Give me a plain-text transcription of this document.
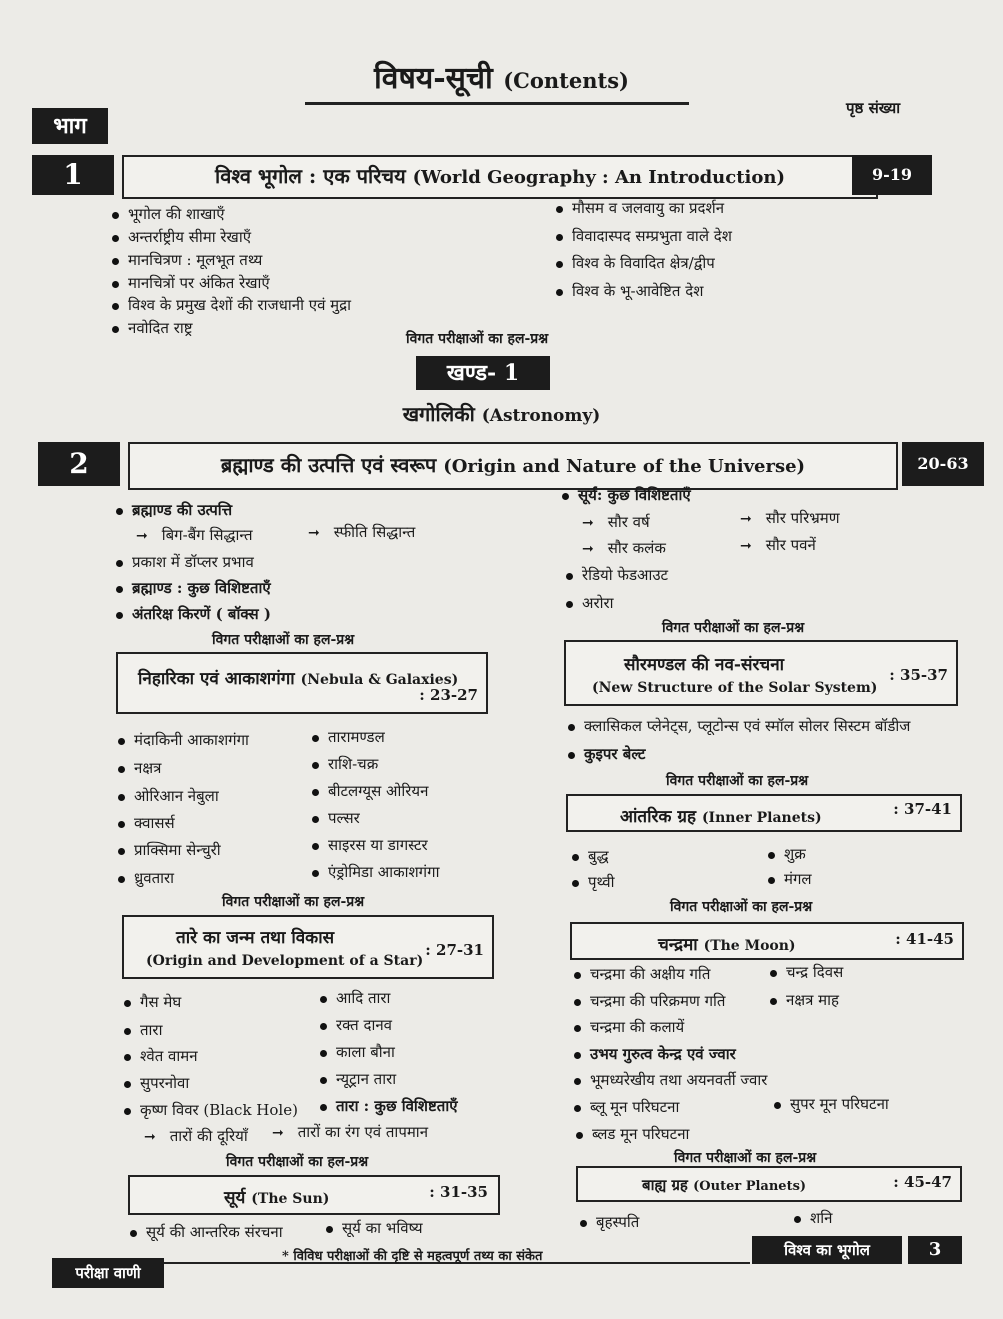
विषय-सूची (Contents)
भाग
पृष्ठ संख्या
1	विश्व भूगोल : एक परिचय (World Geography : An Introduction)	9-19
भूगोल की शाखाएँ
अन्तर्राष्ट्रीय सीमा रेखाएँ
मानचित्रण : मूलभूत तथ्य
मानचित्रों पर अंकित रेखाएँ
विश्व के प्रमुख देशों की राजधानी एवं मुद्रा
नवोदित राष्ट्र
मौसम व जलवायु का प्रदर्शन
विवादास्पद सम्प्रभुता वाले देश
विश्व के विवादित क्षेत्र/द्वीप
विश्व के भू-आवेष्टित देश
विगत परीक्षाओं का हल-प्रश्न
खण्ड- 1
खगोलिकी (Astronomy)
2	ब्रह्माण्ड की उत्पत्ति एवं स्वरूप (Origin and Nature of the Universe)	20-63
ब्रह्माण्ड की उत्पत्ति
➞ बिग-बैंग सिद्धान्त	➞ स्फीति सिद्धान्त
प्रकाश में डॉप्लर प्रभाव
ब्रह्माण्ड : कुछ विशिष्टताएँ
अंतरिक्ष किरणें ( बॉक्स )
विगत परीक्षाओं का हल-प्रश्न
सूर्य: कुछ विशिष्टताएँ
➞ सौर वर्ष	➞ सौर परिभ्रमण
➞ सौर कलंक	➞ सौर पवनें
रेडियो फेडआउट
अरोरा
विगत परीक्षाओं का हल-प्रश्न
निहारिका एवं आकाशगंगा (Nebula & Galaxies)
: 23-27
मंदाकिनी आकाशगंगा
नक्षत्र
ओरिआन नेबुला
क्वासर्स
प्राक्सिमा सेन्चुरी
ध्रुवतारा
तारामण्डल
राशि-चक्र
बीटलग्यूस ओरियन
पल्सर
साइरस या डागस्टर
एंड्रोमिडा आकाशगंगा
विगत परीक्षाओं का हल-प्रश्न
तारे का जन्म तथा विकास
(Origin and Development of a Star)
: 27-31
गैस मेघ
तारा
श्वेत वामन
सुपरनोवा
कृष्ण विवर (Black Hole)
आदि तारा
रक्त दानव
काला बौना
न्यूट्रान तारा
तारा : कुछ विशिष्टताएँ
➞ तारों की दूरियाँ ➞ तारों का रंग एवं तापमान
विगत परीक्षाओं का हल-प्रश्न
सूर्य (The Sun)	: 31-35
सूर्य की आन्तरिक संरचना	सूर्य का भविष्य
सौरमण्डल की नव-संरचना
(New Structure of the Solar System)
: 35-37
क्लासिकल प्लेनेट्स, प्लूटोन्स एवं स्मॉल सोलर सिस्टम बॉडीज
कुइपर बेल्ट
विगत परीक्षाओं का हल-प्रश्न
आंतरिक ग्रह (Inner Planets)	: 37-41
बुद्ध	शुक्र
पृथ्वी	मंगल
विगत परीक्षाओं का हल-प्रश्न
चन्द्रमा (The Moon)	: 41-45
चन्द्रमा की अक्षीय गति	चन्द्र दिवस
चन्द्रमा की परिक्रमण गति	नक्षत्र माह
चन्द्रमा की कलायें
उभय गुरुत्व केन्द्र एवं ज्वार
भूमध्यरेखीय तथा अयनवर्ती ज्वार
ब्लू मून परिघटना	सुपर मून परिघटना
ब्लड मून परिघटना
विगत परीक्षाओं का हल-प्रश्न
बाह्य ग्रह (Outer Planets)	: 45-47
बृहस्पति	शनि
परीक्षा वाणी
* विविध परीक्षाओं की दृष्टि से महत्वपूर्ण तथ्य का संकेत	विश्व का भूगोल	3
